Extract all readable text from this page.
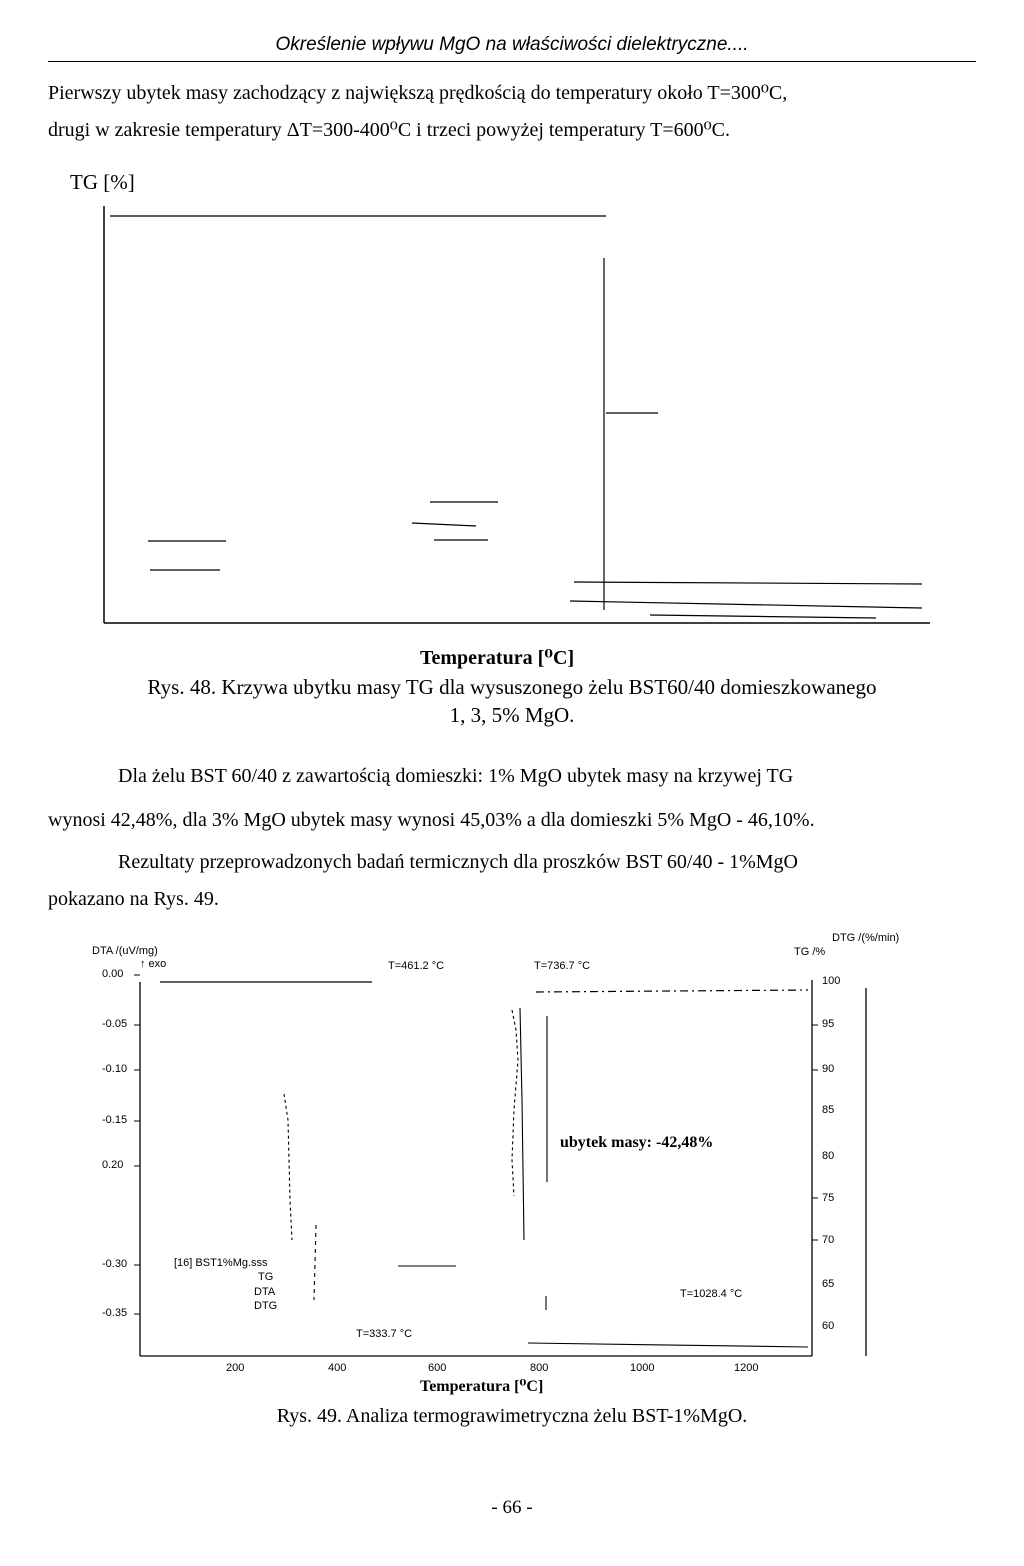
Określenie wpływu MgO na właściwości dielektryczne....
Pierwszy ubytek masy zachodzący z największą prędkością do temperatury około T=300⁰C,
drugi w zakresie temperatury ΔT=300-400⁰C i trzeci powyżej temperatury T=600⁰C.
TG [%]
Temperatura [⁰C]
Rys. 48. Krzywa ubytku masy TG dla wysuszonego żelu BST60/40 domieszkowanego
1, 3, 5% MgO.
Dla żelu BST 60/40 z zawartością domieszki: 1% MgO ubytek masy na krzywej TG
wynosi 42,48%, dla 3% MgO ubytek masy wynosi 45,03% a dla domieszki 5% MgO - 46,10%.
Rezultaty przeprowadzonych badań termicznych dla proszków BST 60/40 - 1%MgO
pokazano na Rys. 49.
DTA /(uV/mg)
↑ exo
DTG /(%/min)
TG /%
T=461.2 °C	T=736.7 °C
T=333.7 °C
T=1028.4 °C
ubytek masy: -42,48%
[16] BST1%Mg.sss
TG
DTA
DTG
200	400	600	800	1000	1200
0.00
-0.05
-0.10
-0.15
0.20
-0.30
-0.35
100
95
90
85
80
75
70
65
60
Temperatura [⁰C]
Rys. 49. Analiza termograwimetryczna żelu BST-1%MgO.
- 66 -
